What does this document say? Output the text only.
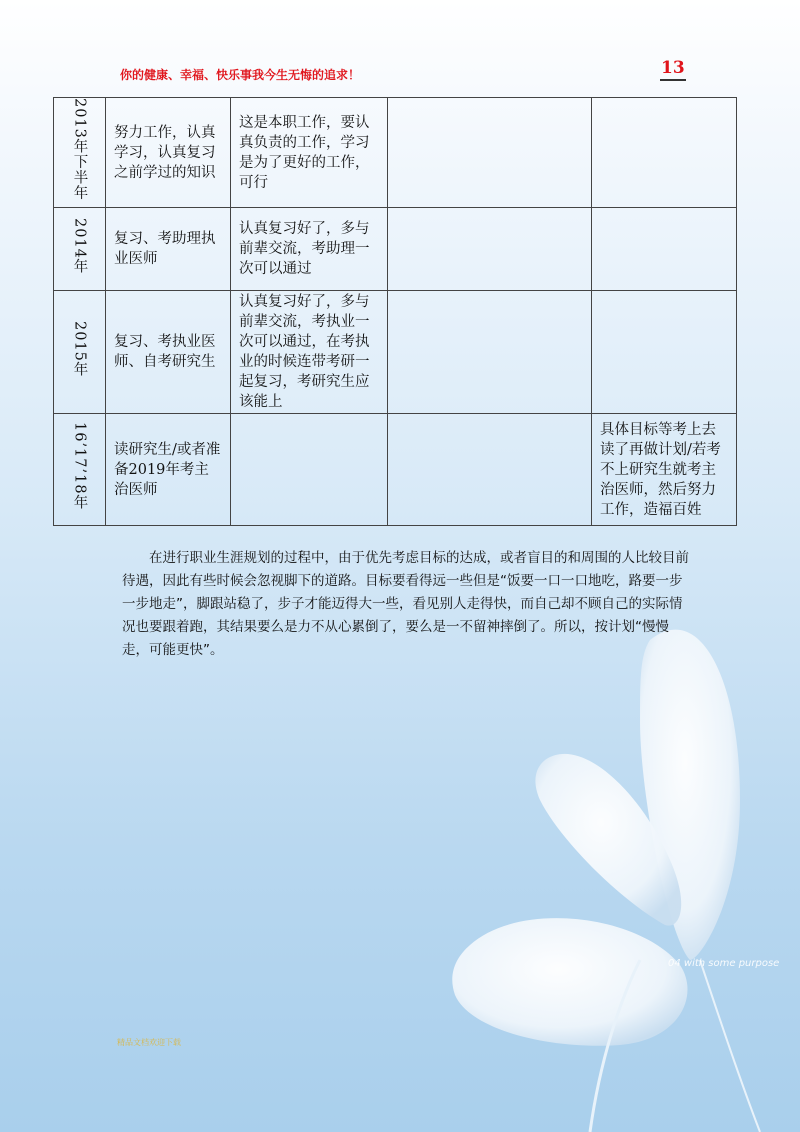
你的健康、幸福、快乐事我今生无悔的追求！	13
2013年下半年	努力工作，认真学习，认真复习之前学过的知识	这是本职工作，要认真负责的工作，学习是为了更好的工作，可行		
2014年	复习、考助理执业医师	认真复习好了，多与前辈交流，考助理一次可以通过		
2015年	复习、考执业医师、自考研究生	认真复习好了，多与前辈交流，考执业一次可以通过，在考执业的时候连带考研一起复习，考研究生应该能上		
16’17’18年	读研究生/或者准备2019年考主治医师			具体目标等考上去读了再做计划/若考不上研究生就考主治医师，然后努力工作，造福百姓

在进行职业生涯规划的过程中，由于优先考虑目标的达成，或者盲目的和周围的人比较目前待遇，因此有些时候会忽视脚下的道路。目标要看得远一些但是“饭要一口一口地吃，路要一步一步地走”，脚跟站稳了，步子才能迈得大一些，看见别人走得快，而自己却不顾自己的实际情况也要跟着跑，其结果要么是力不从心累倒了，要么是一不留神摔倒了。所以，按计划“慢慢走，可能更快”。

04 with some purpose
精品文档欢迎下载
